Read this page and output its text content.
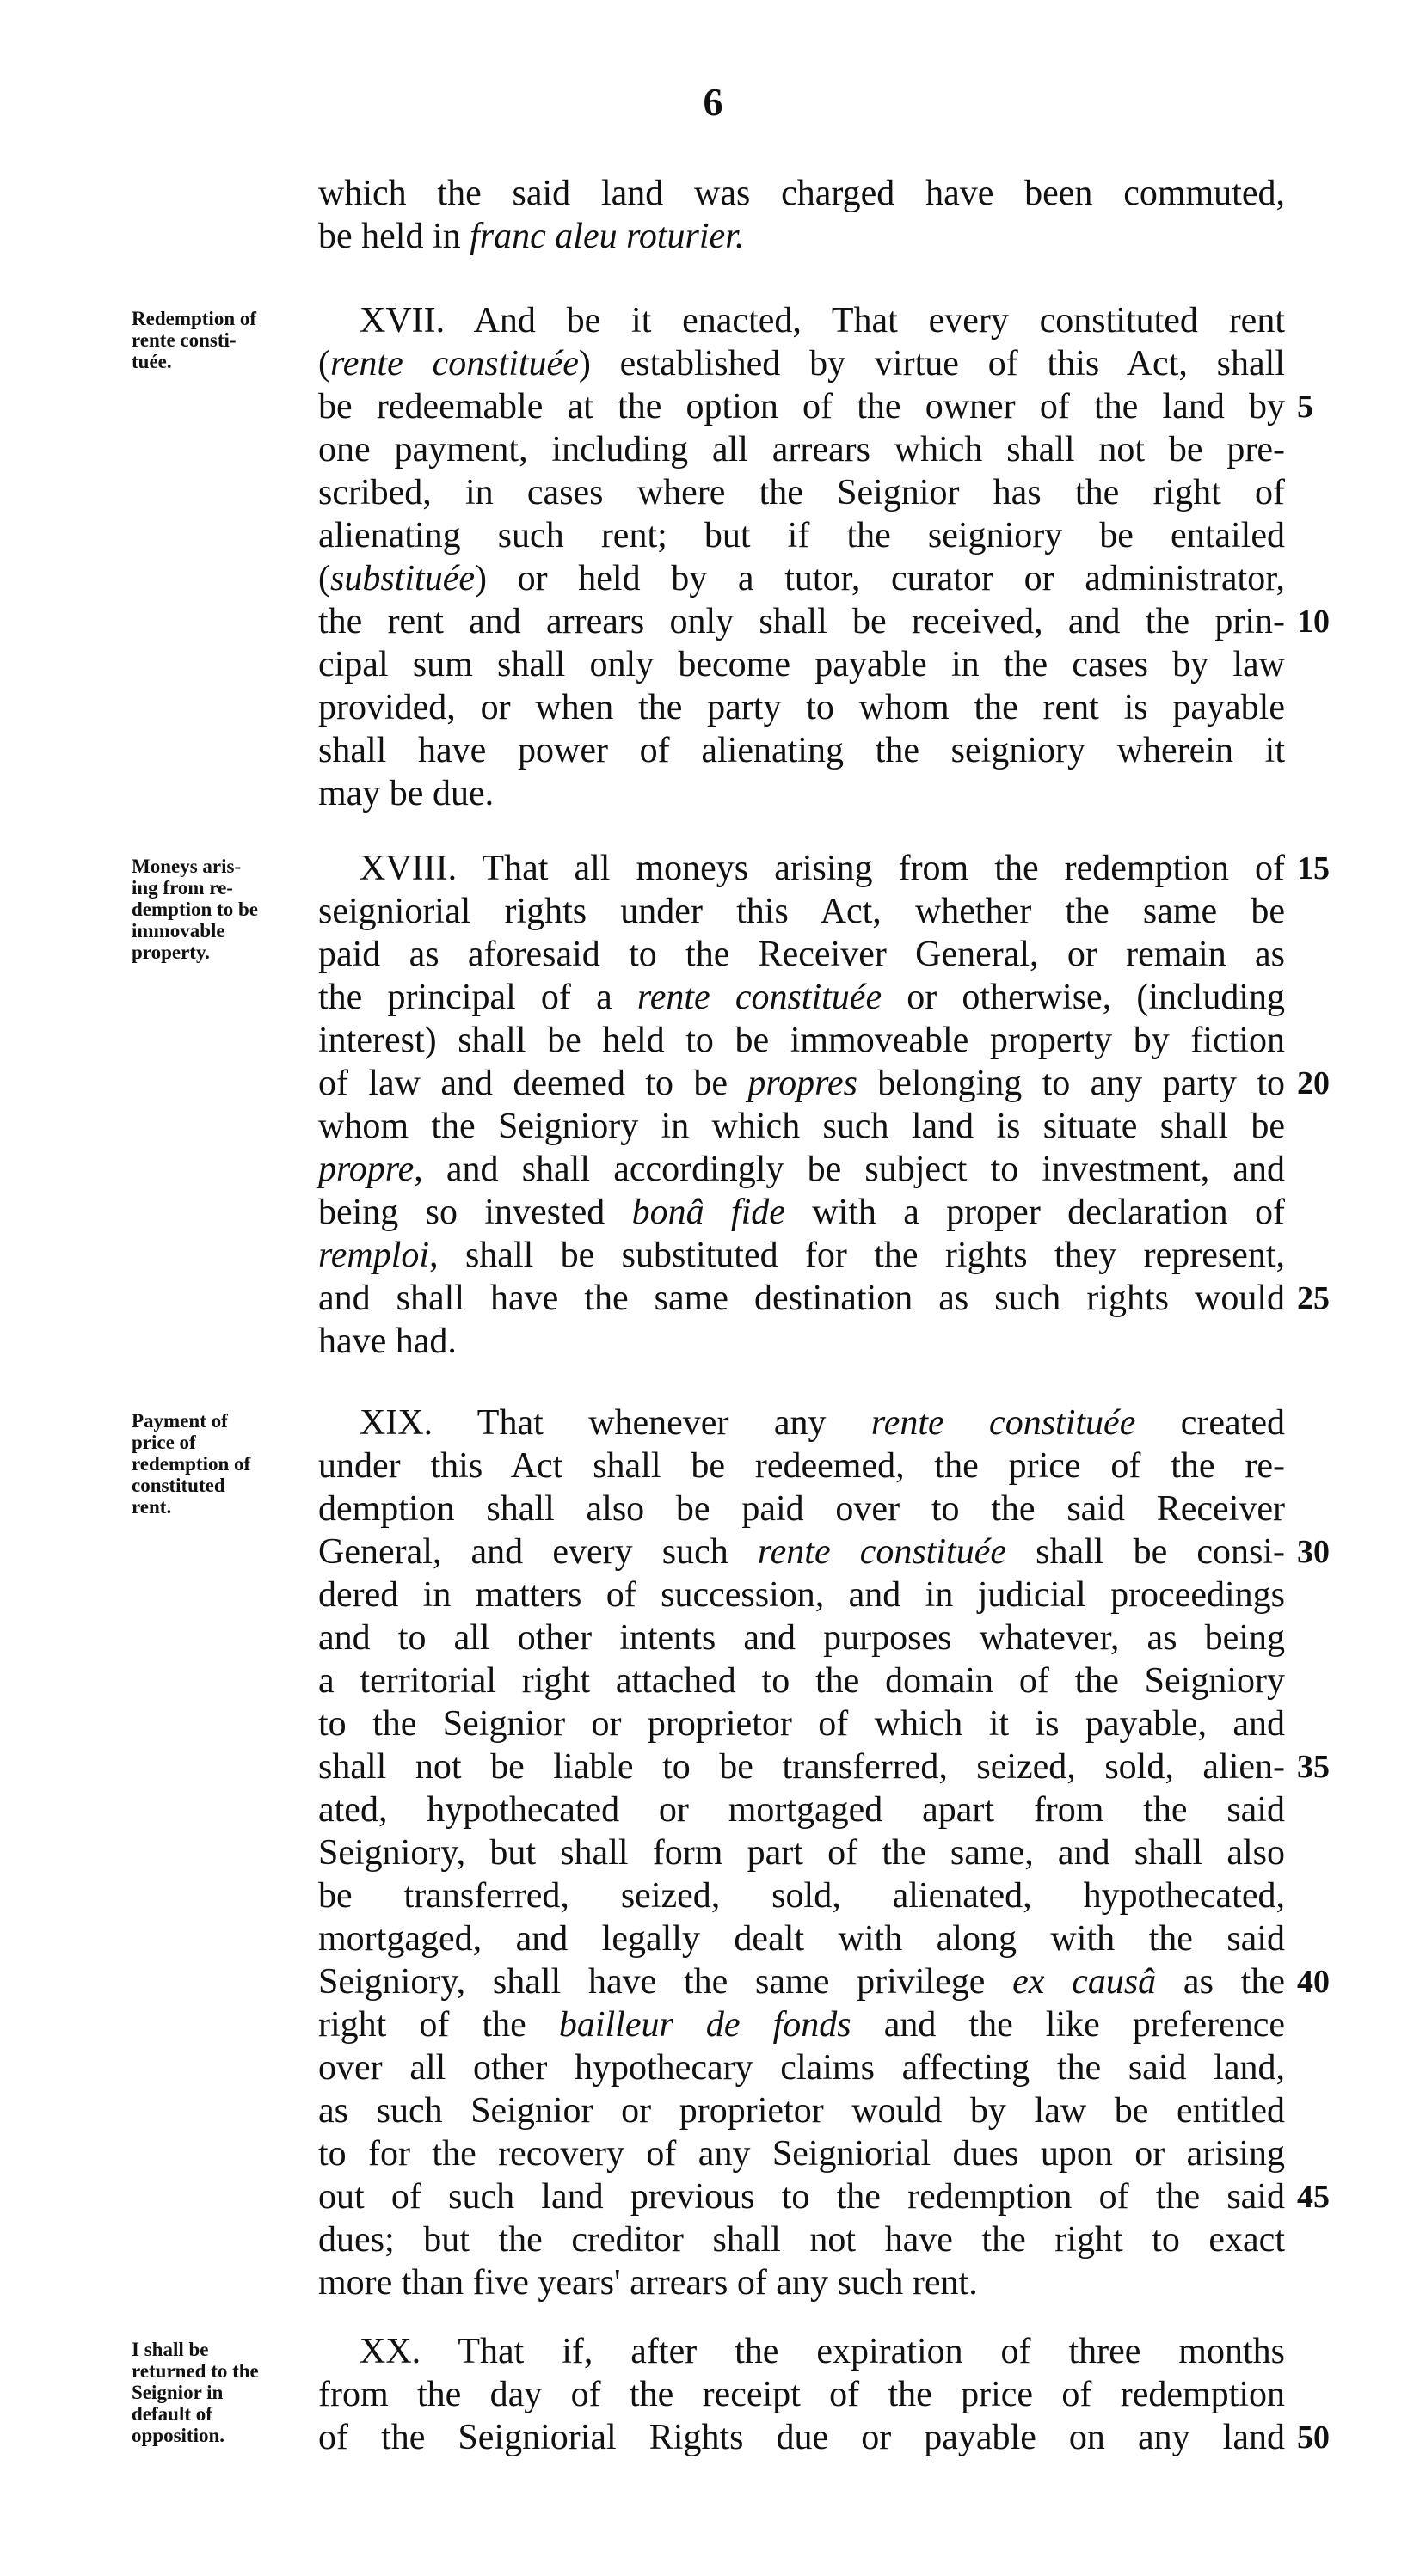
6
which the said land was charged have been commuted,
be held in franc aleu roturier.
Redemption of
rente consti-
tuée.
XVII. And be it enacted, That every constituted rent
(rente constituée) established by virtue of this Act, shall
be redeemable at the option of the owner of the land by
one payment, including all arrears which shall not be pre-
scribed, in cases where the Seignior has the right of
alienating such rent; but if the seigniory be entailed
(substituée) or held by a tutor, curator or administrator,
the rent and arrears only shall be received, and the prin-
cipal sum shall only become payable in the cases by law
provided, or when the party to whom the rent is payable
shall have power of alienating the seigniory wherein it
may be due.
Moneys aris-
ing from re-
demption to be
immovable
property.
XVIII. That all moneys arising from the redemption of
seigniorial rights under this Act, whether the same be
paid as aforesaid to the Receiver General, or remain as
the principal of a rente constituée or otherwise, (including
interest) shall be held to be immoveable property by fiction
of law and deemed to be propres belonging to any party to
whom the Seigniory in which such land is situate shall be
propre, and shall accordingly be subject to investment, and
being so invested bonâ fide with a proper declaration of
remploi, shall be substituted for the rights they represent,
and shall have the same destination as such rights would
have had.
Payment of
price of
redemption of
constituted
rent.
XIX. That whenever any rente constituée created
under this Act shall be redeemed, the price of the re-
demption shall also be paid over to the said Receiver
General, and every such rente constituée shall be consi-
dered in matters of succession, and in judicial proceedings
and to all other intents and purposes whatever, as being
a territorial right attached to the domain of the Seigniory
to the Seignior or proprietor of which it is payable, and
shall not be liable to be transferred, seized, sold, alien-
ated, hypothecated or mortgaged apart from the said
Seigniory, but shall form part of the same, and shall also
be transferred, seized, sold, alienated, hypothecated,
mortgaged, and legally dealt with along with the said
Seigniory, shall have the same privilege ex causâ as the
right of the bailleur de fonds and the like preference
over all other hypothecary claims affecting the said land,
as such Seignior or proprietor would by law be entitled
to for the recovery of any Seigniorial dues upon or arising
out of such land previous to the redemption of the said
dues; but the creditor shall not have the right to exact
more than five years' arrears of any such rent.
I shall be
returned to the
Seignior in
default of
opposition.
XX. That if, after the expiration of three months
from the day of the receipt of the price of redemption
of the Seigniorial Rights due or payable on any land
5
10
15
20
25
30
35
40
45
50
